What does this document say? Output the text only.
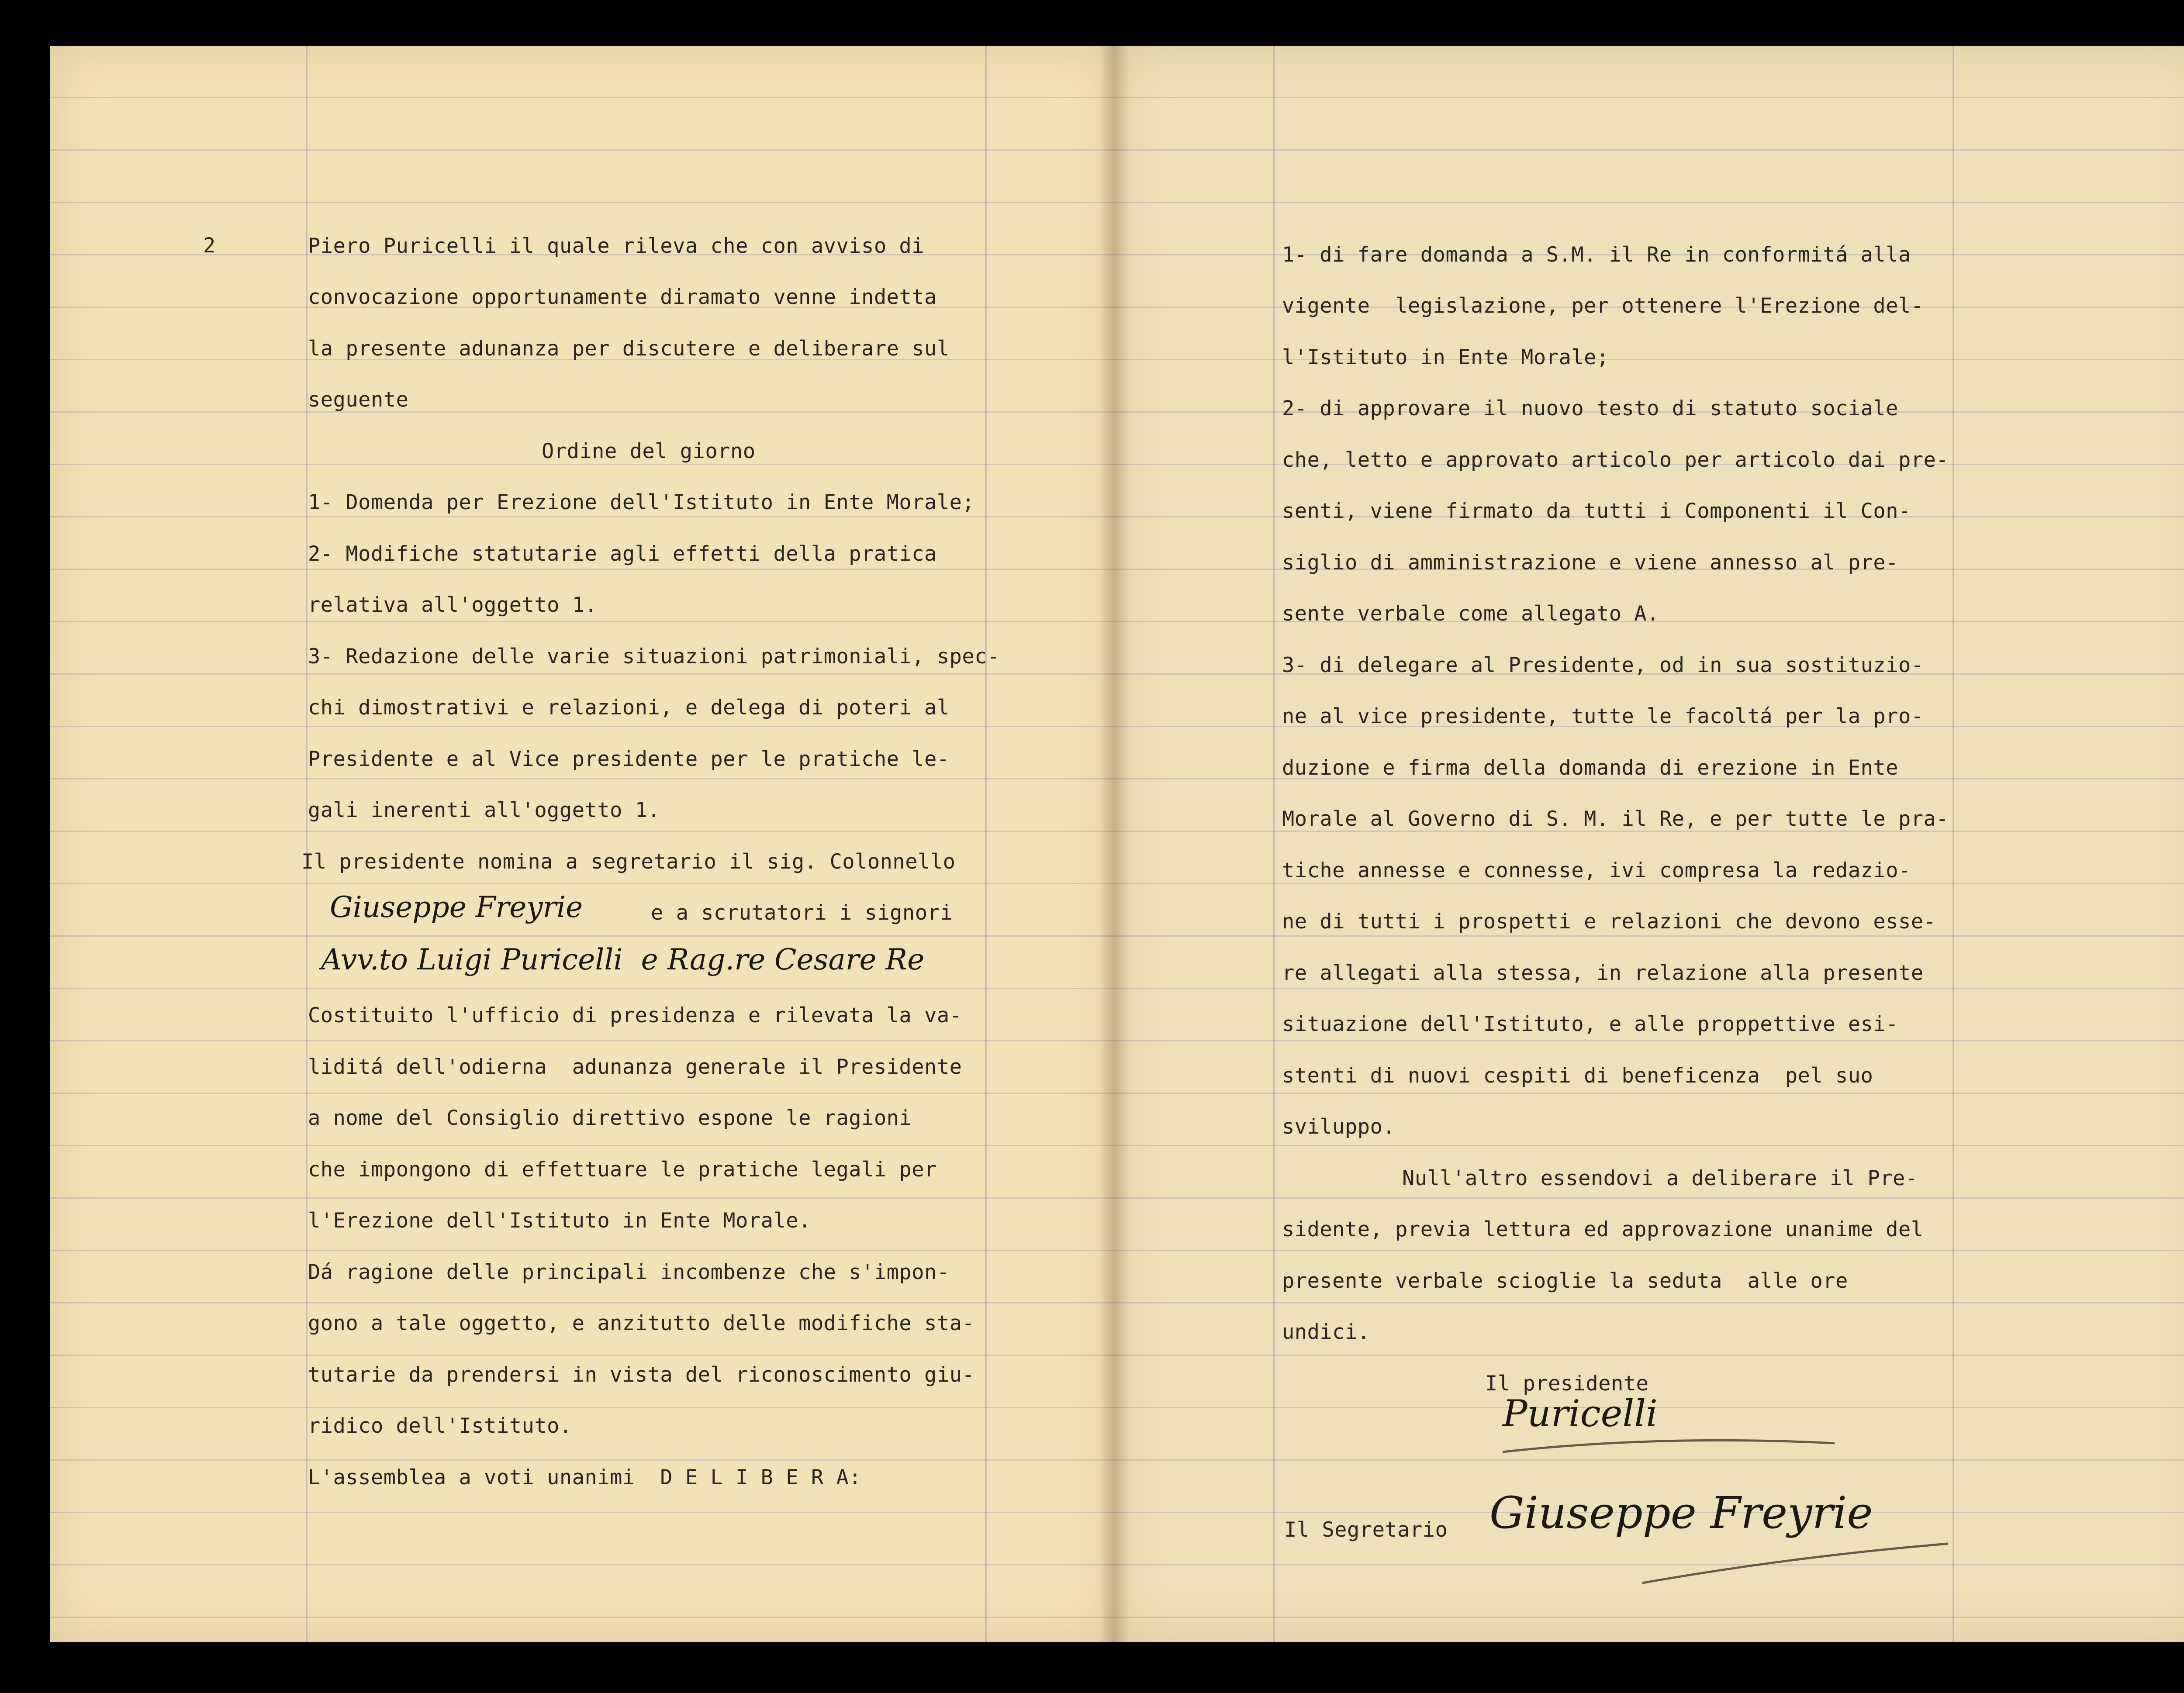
2	Piero Puricelli il quale rileva che con avviso di
convocazione opportunamente diramato venne indetta
la presente adunanza per discutere e deliberare sul
seguente
Ordine del giorno
1- Domenda per Erezione dell'Istituto in Ente Morale;
2- Modifiche statutarie agli effetti della pratica
relativa all'oggetto 1.
3- Redazione delle varie situazioni patrimoniali, spec-
chi dimostrativi e relazioni, e delega di poteri al
Presidente e al Vice presidente per le pratiche le-
gali inerenti all'oggetto 1.
Il presidente nomina a segretario il sig. Colonnello
Giuseppe Freyrie	e a scrutatori i signori
Avv.to Luigi Puricelli  e Rag.re Cesare Re
Costituito l'ufficio di presidenza e rilevata la va-
liditá dell'odierna  adunanza generale il Presidente
a nome del Consiglio direttivo espone le ragioni
che impongono di effettuare le pratiche legali per
l'Erezione dell'Istituto in Ente Morale.
Dá ragione delle principali incombenze che s'impon-
gono a tale oggetto, e anzitutto delle modifiche sta-
tutarie da prendersi in vista del riconoscimento giu-
ridico dell'Istituto.
L'assemblea a voti unanimi  D E L I B E R A:
1- di fare domanda a S.M. il Re in conformitá alla
vigente  legislazione, per ottenere l'Erezione del-
l'Istituto in Ente Morale;
2- di approvare il nuovo testo di statuto sociale
che, letto e approvato articolo per articolo dai pre-
senti, viene firmato da tutti i Componenti il Con-
siglio di amministrazione e viene annesso al pre-
sente verbale come allegato A.
3- di delegare al Presidente, od in sua sostituzio-
ne al vice presidente, tutte le facoltá per la pro-
duzione e firma della domanda di erezione in Ente
Morale al Governo di S. M. il Re, e per tutte le pra-
tiche annesse e connesse, ivi compresa la redazio-
ne di tutti i prospetti e relazioni che devono esse-
re allegati alla stessa, in relazione alla presente
situazione dell'Istituto, e alle proppettive esi-
stenti di nuovi cespiti di beneficenza  pel suo
sviluppo.
Null'altro essendovi a deliberare il Pre-
sidente, previa lettura ed approvazione unanime del
presente verbale scioglie la seduta  alle ore
undici.
Il presidente
Puricelli
Il Segretario Giuseppe Freyrie
